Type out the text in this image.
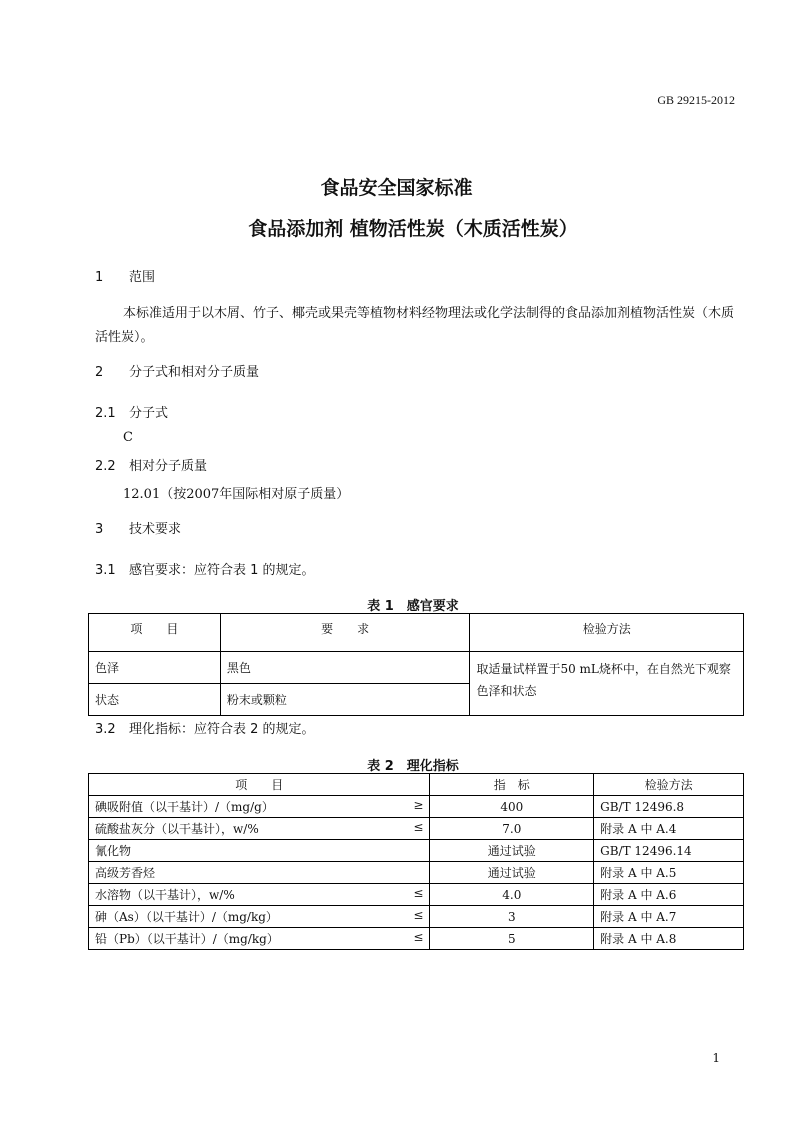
GB 29215-2012
食品安全国家标准
食品添加剂 植物活性炭（木质活性炭）
1 范围
本标准适用于以木屑、竹子、椰壳或果壳等植物材料经物理法或化学法制得的食品添加剂植物活性炭（木质活性炭）。
2 分子式和相对分子质量
2.1 分子式
C
2.2 相对分子质量
12.01（按2007年国际相对原子质量）
3 技术要求
3.1 感官要求：应符合表 1 的规定。
表 1　感官要求
项　　目	要　　求	检验方法
色泽	黑色	取适量试样置于50 mL烧杯中，在自然光下观察色泽和状态
状态	粉末或颗粒	
3.2 理化指标：应符合表 2 的规定。
表 2　理化指标
项　　目	指　标	检验方法

碘吸附值（以干基计）/（mg/g） ≥	400	GB/T 12496.8

硫酸盐灰分（以干基计），w/% ≤	7.0	附录 A 中 A.4

氰化物	通过试验	GB/T 12496.14

高级芳香烃	通过试验	附录 A 中 A.5

水溶物（以干基计），w/% ≤	4.0	附录 A 中 A.6

砷（As）（以干基计）/（mg/kg） ≤	3	附录 A 中 A.7

铅（Pb）（以干基计）/（mg/kg） ≤	5	附录 A 中 A.8
1
